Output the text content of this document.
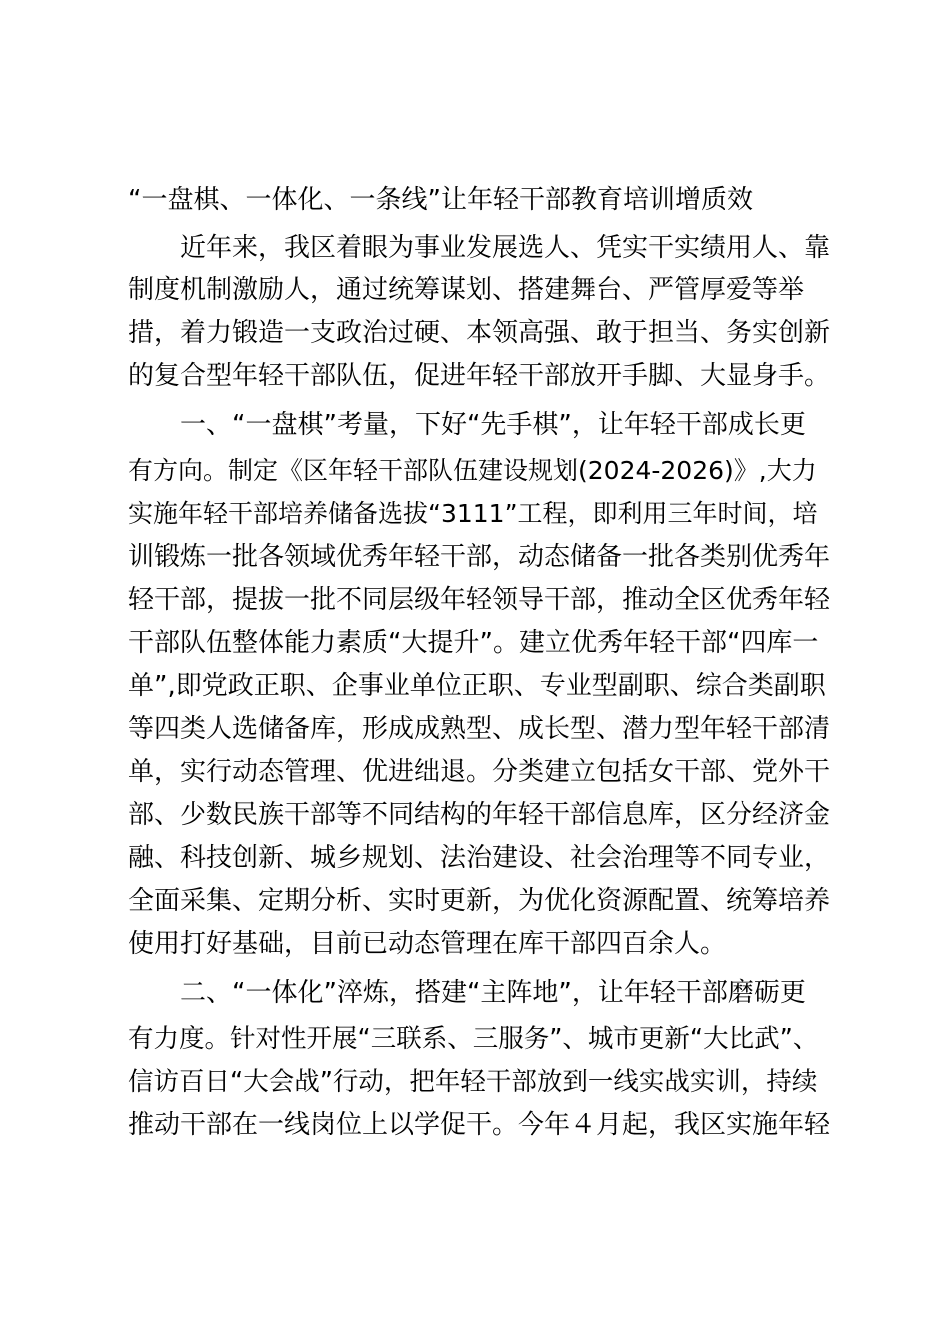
“一盘棋、一体化、一条线”让年轻干部教育培训增质效
近年来，我区着眼为事业发展选人、凭实干实绩用人、靠
制度机制激励人，通过统筹谋划、搭建舞台、严管厚爱等举
措，着力锻造一支政治过硬、本领高强、敢于担当、务实创新
的复合型年轻干部队伍，促进年轻干部放开手脚、大显身手。
一、“一盘棋”考量，下好“先手棋”，让年轻干部成长更
有方向。制定《区年轻干部队伍建设规划(2024-2026)》,大力
实施年轻干部培养储备选拔“3111”工程，即利用三年时间，培
训锻炼一批各领域优秀年轻干部，动态储备一批各类别优秀年
轻干部，提拔一批不同层级年轻领导干部，推动全区优秀年轻
干部队伍整体能力素质“大提升”。建立优秀年轻干部“四库一
单”,即党政正职、企事业单位正职、专业型副职、综合类副职
等四类人选储备库，形成成熟型、成长型、潜力型年轻干部清
单，实行动态管理、优进绌退。分类建立包括女干部、党外干
部、少数民族干部等不同结构的年轻干部信息库，区分经济金
融、科技创新、城乡规划、法治建设、社会治理等不同专业，
全面采集、定期分析、实时更新，为优化资源配置、统筹培养
使用打好基础，目前已动态管理在库干部四百余人。
二、“一体化”淬炼，搭建“主阵地”，让年轻干部磨砺更
有力度。针对性开展“三联系、三服务”、城市更新“大比武”、
信访百日“大会战”行动，把年轻干部放到一线实战实训，持续
推动干部在一线岗位上以学促干。今年４月起，我区实施年轻
